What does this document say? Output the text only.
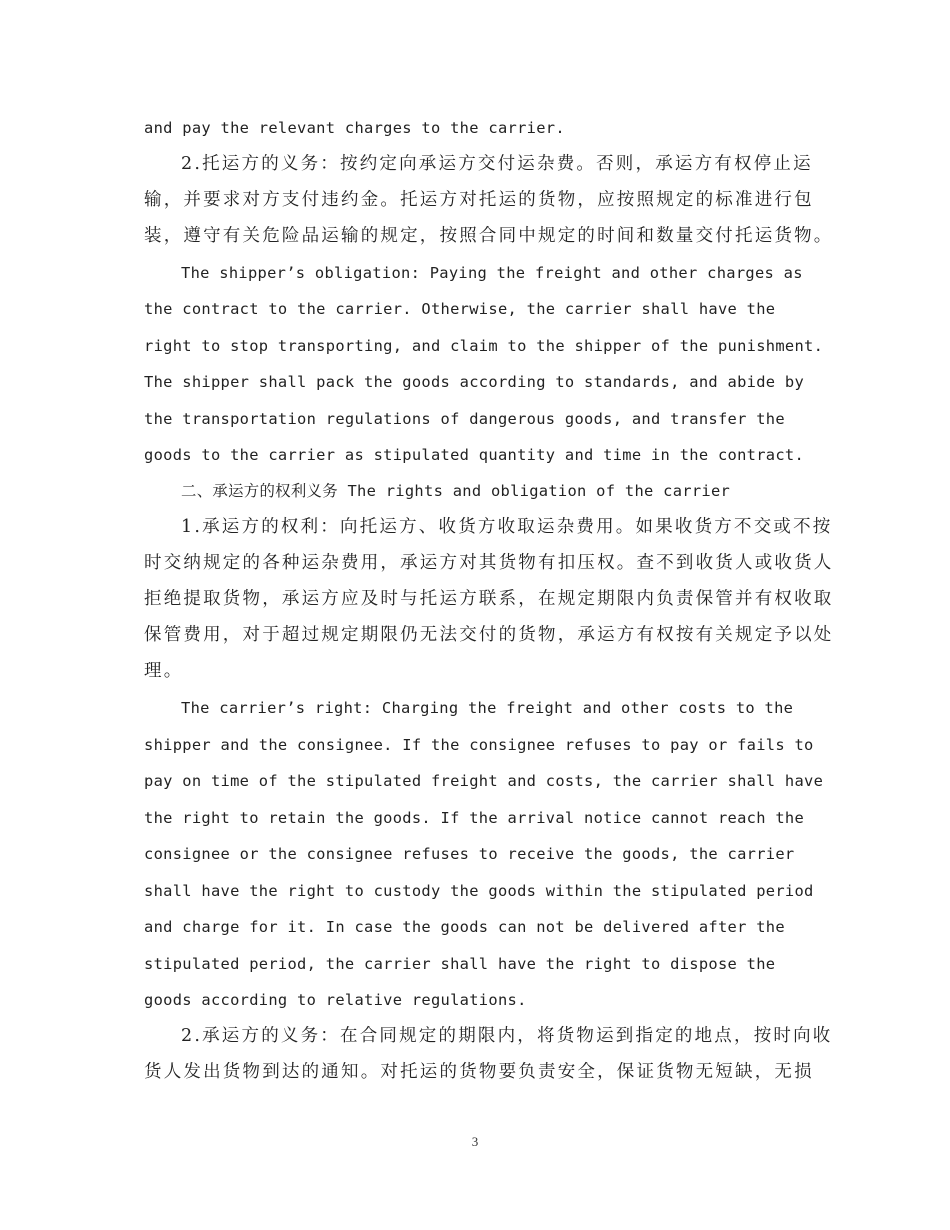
and pay the relevant charges to the carrier.
2.托运方的义务：按约定向承运方交付运杂费。否则，承运方有权停止运
输，并要求对方支付违约金。托运方对托运的货物，应按照规定的标准进行包
装，遵守有关危险品运输的规定，按照合同中规定的时间和数量交付托运货物。
The shipper’s obligation: Paying the freight and other charges as
the contract to the carrier. Otherwise, the carrier shall have the
right to stop transporting, and claim to the shipper of the punishment.
The shipper shall pack the goods according to standards, and abide by
the transportation regulations of dangerous goods, and transfer the
goods to the carrier as stipulated quantity and time in the contract.
二、承运方的权利义务 The rights and obligation of the carrier
1.承运方的权利：向托运方、收货方收取运杂费用。如果收货方不交或不按
时交纳规定的各种运杂费用，承运方对其货物有扣压权。查不到收货人或收货人
拒绝提取货物，承运方应及时与托运方联系，在规定期限内负责保管并有权收取
保管费用，对于超过规定期限仍无法交付的货物，承运方有权按有关规定予以处
理。
The carrier’s right: Charging the freight and other costs to the
shipper and the consignee. If the consignee refuses to pay or fails to
pay on time of the stipulated freight and costs, the carrier shall have
the right to retain the goods. If the arrival notice cannot reach the
consignee or the consignee refuses to receive the goods, the carrier
shall have the right to custody the goods within the stipulated period
and charge for it. In case the goods can not be delivered after the
stipulated period, the carrier shall have the right to dispose the
goods according to relative regulations.
2.承运方的义务：在合同规定的期限内，将货物运到指定的地点，按时向收
货人发出货物到达的通知。对托运的货物要负责安全，保证货物无短缺，无损
3
